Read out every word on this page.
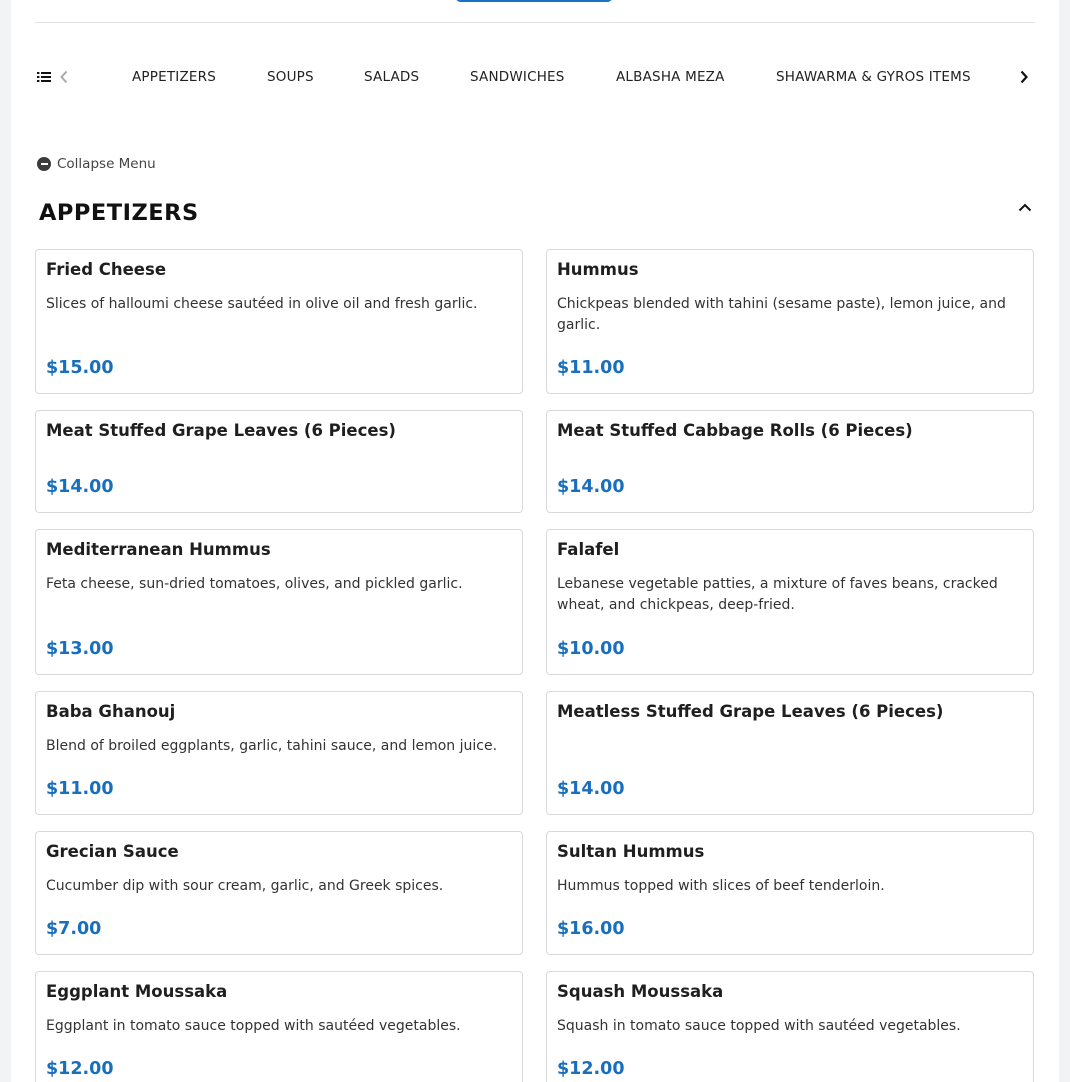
APPETIZERS	SOUPS	SALADS	SANDWICHES	ALBASHA MEZA	SHAWARMA & GYROS ITEMS
Collapse Menu
APPETIZERS
Fried Cheese
Slices of halloumi cheese sautéed in olive oil and fresh garlic.
$15.00
Hummus
Chickpeas blended with tahini (sesame paste), lemon juice, and garlic.
$11.00
Meat Stuffed Grape Leaves (6 Pieces)
$14.00
Meat Stuffed Cabbage Rolls (6 Pieces)
$14.00
Mediterranean Hummus
Feta cheese, sun-dried tomatoes, olives, and pickled garlic.
$13.00
Falafel
Lebanese vegetable patties, a mixture of faves beans, cracked wheat, and chickpeas, deep-fried.
$10.00
Baba Ghanouj
Blend of broiled eggplants, garlic, tahini sauce, and lemon juice.
$11.00
Meatless Stuffed Grape Leaves (6 Pieces)
$14.00
Grecian Sauce
Cucumber dip with sour cream, garlic, and Greek spices.
$7.00
Sultan Hummus
Hummus topped with slices of beef tenderloin.
$16.00
Eggplant Moussaka
Eggplant in tomato sauce topped with sautéed vegetables.
$12.00
Squash Moussaka
Squash in tomato sauce topped with sautéed vegetables.
$12.00
